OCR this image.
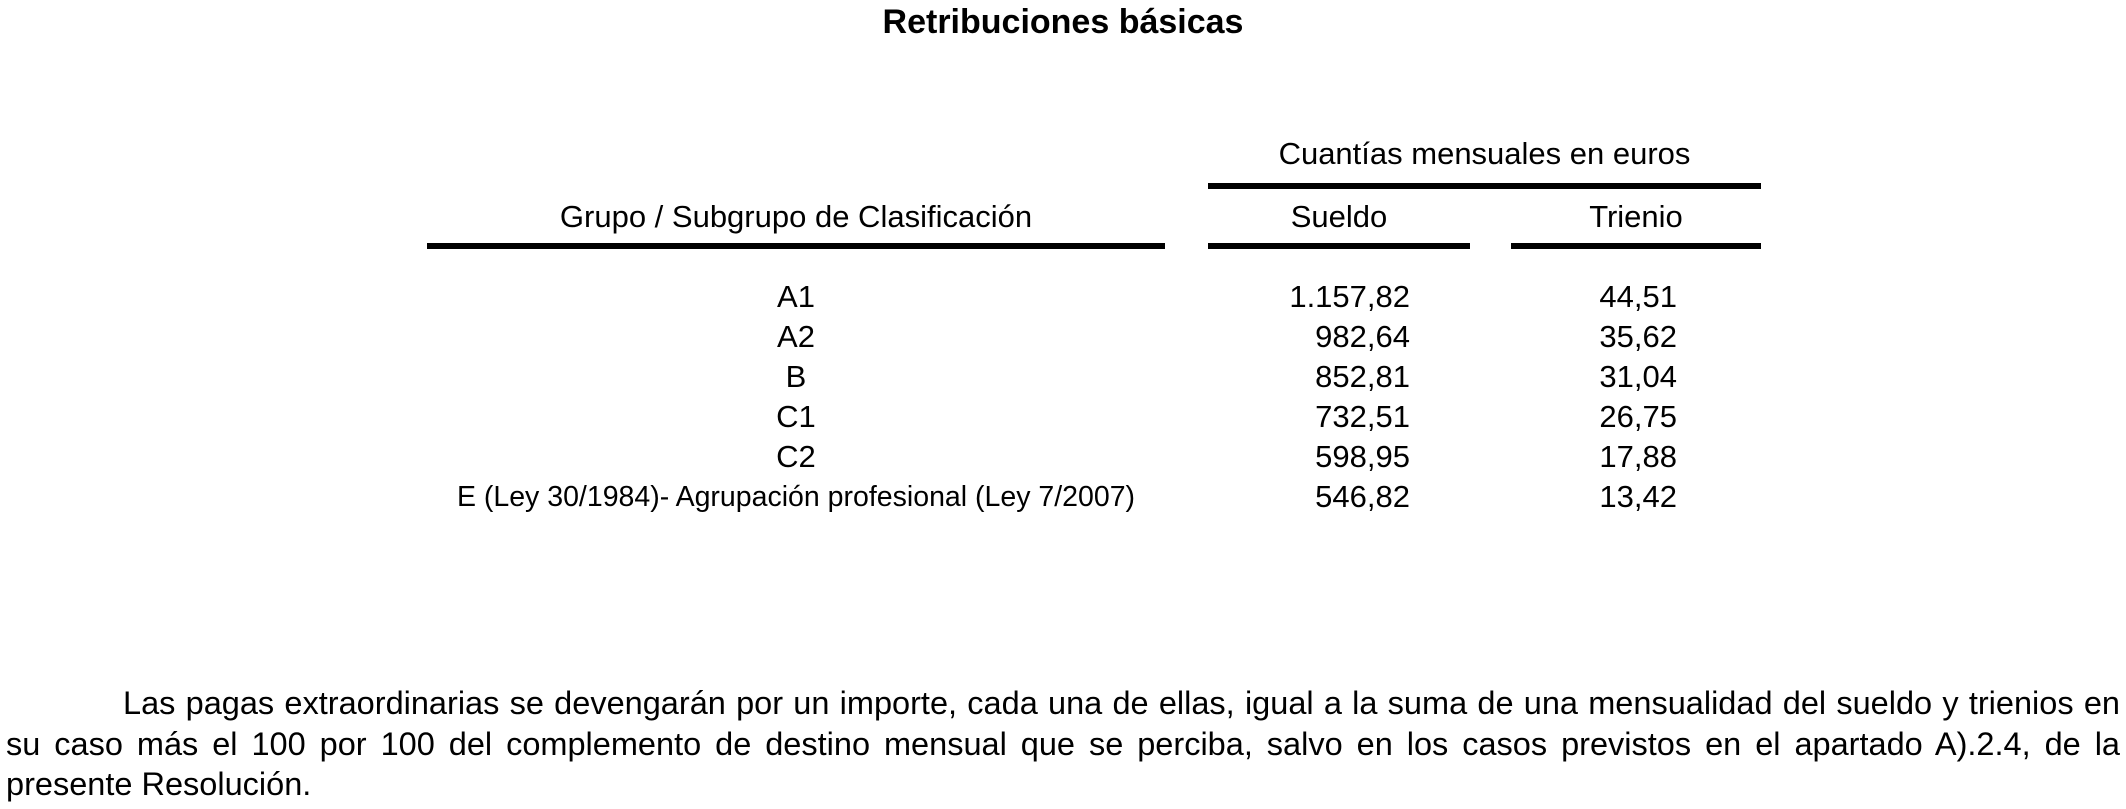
Retribuciones básicas
Cuantías mensuales en euros
Grupo / Subgrupo de Clasificación	Sueldo	Trienio
A1	1.157,82	44,51
A2	982,64	35,62
B	852,81	31,04
C1	732,51	26,75
C2	598,95	17,88
E (Ley 30/1984)- Agrupación profesional (Ley 7/2007)	546,82	13,42

Las pagas extraordinarias se devengarán por un importe, cada una de ellas, igual a la suma de una mensualidad del sueldo y trienios en su caso más el 100 por 100 del complemento de destino mensual que se perciba, salvo en los casos previstos en el apartado A).2.4, de la presente Resolución.
